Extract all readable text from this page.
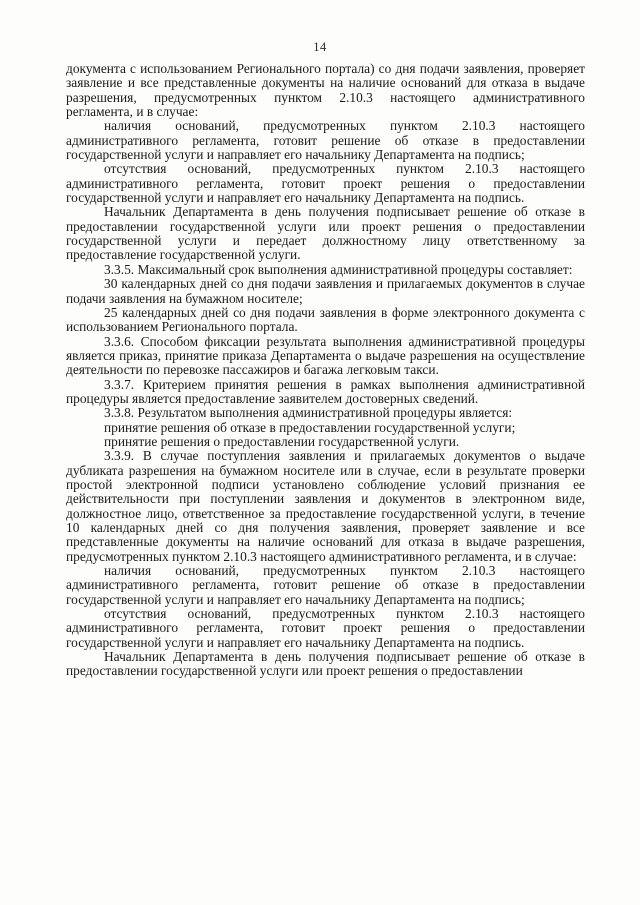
14

документа с использованием Регионального портала) со дня подачи заявления, проверяет заявление и все представленные документы на наличие оснований для отказа в выдаче разрешения, предусмотренных пунктом 2.10.3 настоящего административного регламента, и в случае:

наличия оснований, предусмотренных пунктом 2.10.3 настоящего административного регламента, готовит решение об отказе в предоставлении государственной услуги и направляет его начальнику Департамента на подпись;

отсутствия оснований, предусмотренных пунктом 2.10.3 настоящего административного регламента, готовит проект решения о предоставлении государственной услуги и направляет его начальнику Департамента на подпись.

Начальник Департамента в день получения подписывает решение об отказе в предоставлении государственной услуги или проект решения о предоставлении государственной услуги и передает должностному лицу ответственному за предоставление государственной услуги.

3.3.5. Максимальный срок выполнения административной процедуры составляет:

30 календарных дней со дня подачи заявления и прилагаемых документов в случае подачи заявления на бумажном носителе;

25 календарных дней со дня подачи заявления в форме электронного документа с использованием Регионального портала.

3.3.6. Способом фиксации результата выполнения административной процедуры является приказ, принятие приказа Департамента о выдаче разрешения на осуществление деятельности по перевозке пассажиров и багажа легковым такси.

3.3.7. Критерием принятия решения в рамках выполнения административной процедуры является предоставление заявителем достоверных сведений.

3.3.8. Результатом выполнения административной процедуры является:

принятие решения об отказе в предоставлении государственной услуги;

принятие решения о предоставлении государственной услуги.

3.3.9. В случае поступления заявления и прилагаемых документов о выдаче дубликата разрешения на бумажном носителе или в случае, если в результате проверки простой электронной подписи установлено соблюдение условий признания ее действительности при поступлении заявления и документов в электронном виде, должностное лицо, ответственное за предоставление государственной услуги, в течение 10 календарных дней со дня получения заявления, проверяет заявление и все представленные документы на наличие оснований для отказа в выдаче разрешения, предусмотренных пунктом 2.10.3 настоящего административного регламента, и в случае:

наличия оснований, предусмотренных пунктом 2.10.3 настоящего административного регламента, готовит решение об отказе в предоставлении государственной услуги и направляет его начальнику Департамента на подпись;

отсутствия оснований, предусмотренных пунктом 2.10.3 настоящего административного регламента, готовит проект решения о предоставлении государственной услуги и направляет его начальнику Департамента на подпись.

Начальник Департамента в день получения подписывает решение об отказе в предоставлении государственной услуги или проект решения о предоставлении
